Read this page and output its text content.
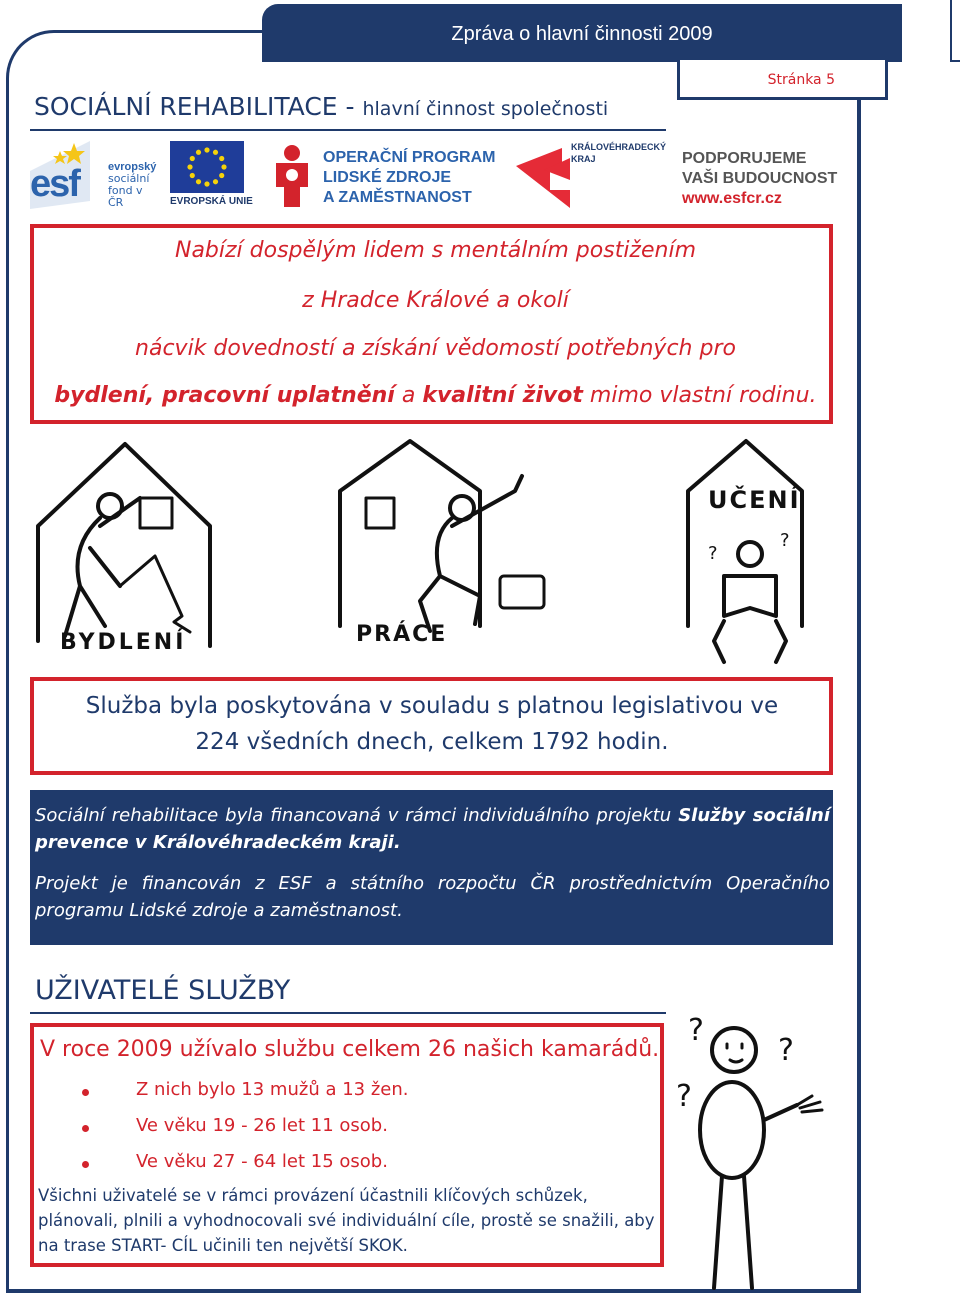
Zpráva o hlavní činnosti 2009
Stránka 5
SOCIÁLNÍ REHABILITACE - hlavní činnost společnosti
esf	evropský
sociální
fond v ČR	EVROPSKÁ UNIE
OPERAČNÍ PROGRAM
LIDSKÉ ZDROJE
A ZAMĚSTNANOST
KRÁLOVÉHRADECKÝ
KRAJ	PODPORUJEME
VAŠI BUDOUCNOST
www.esfcr.cz
Nabízí dospělým lidem s mentálním postižením
z Hradce Králové a okolí
nácvik dovedností a získání vědomostí potřebných pro
bydlení, pracovní uplatnění a kvalitní život mimo vlastní rodinu.
BYDLENÍ	PRÁCE
?
?
UČENÍ
Služba byla poskytována v souladu s platnou legislativou ve
224 všedních dnech, celkem 1792 hodin.
Sociální rehabilitace byla financovaná v rámci individuálního projektu Služby sociální prevence v Královéhradeckém kraji.
Projekt je financován z ESF a státního rozpočtu ČR prostřednictvím Operačního programu Lidské zdroje a zaměstnanost.
UŽIVATELÉ SLUŽBY
V roce 2009 užívalo službu celkem 26 našich kamarádů.
Z nich bylo 13 mužů a 13 žen.
Ve věku 19 - 26 let 11 osob.
Ve věku 27 - 64 let 15 osob.
Všichni uživatelé se v rámci provázení účastnili klíčových schůzek, plánovali, plnili a vyhodnocovali své individuální cíle, prostě se snažili, aby na trase START- CÍL učinili ten největší SKOK.
?
?
?
